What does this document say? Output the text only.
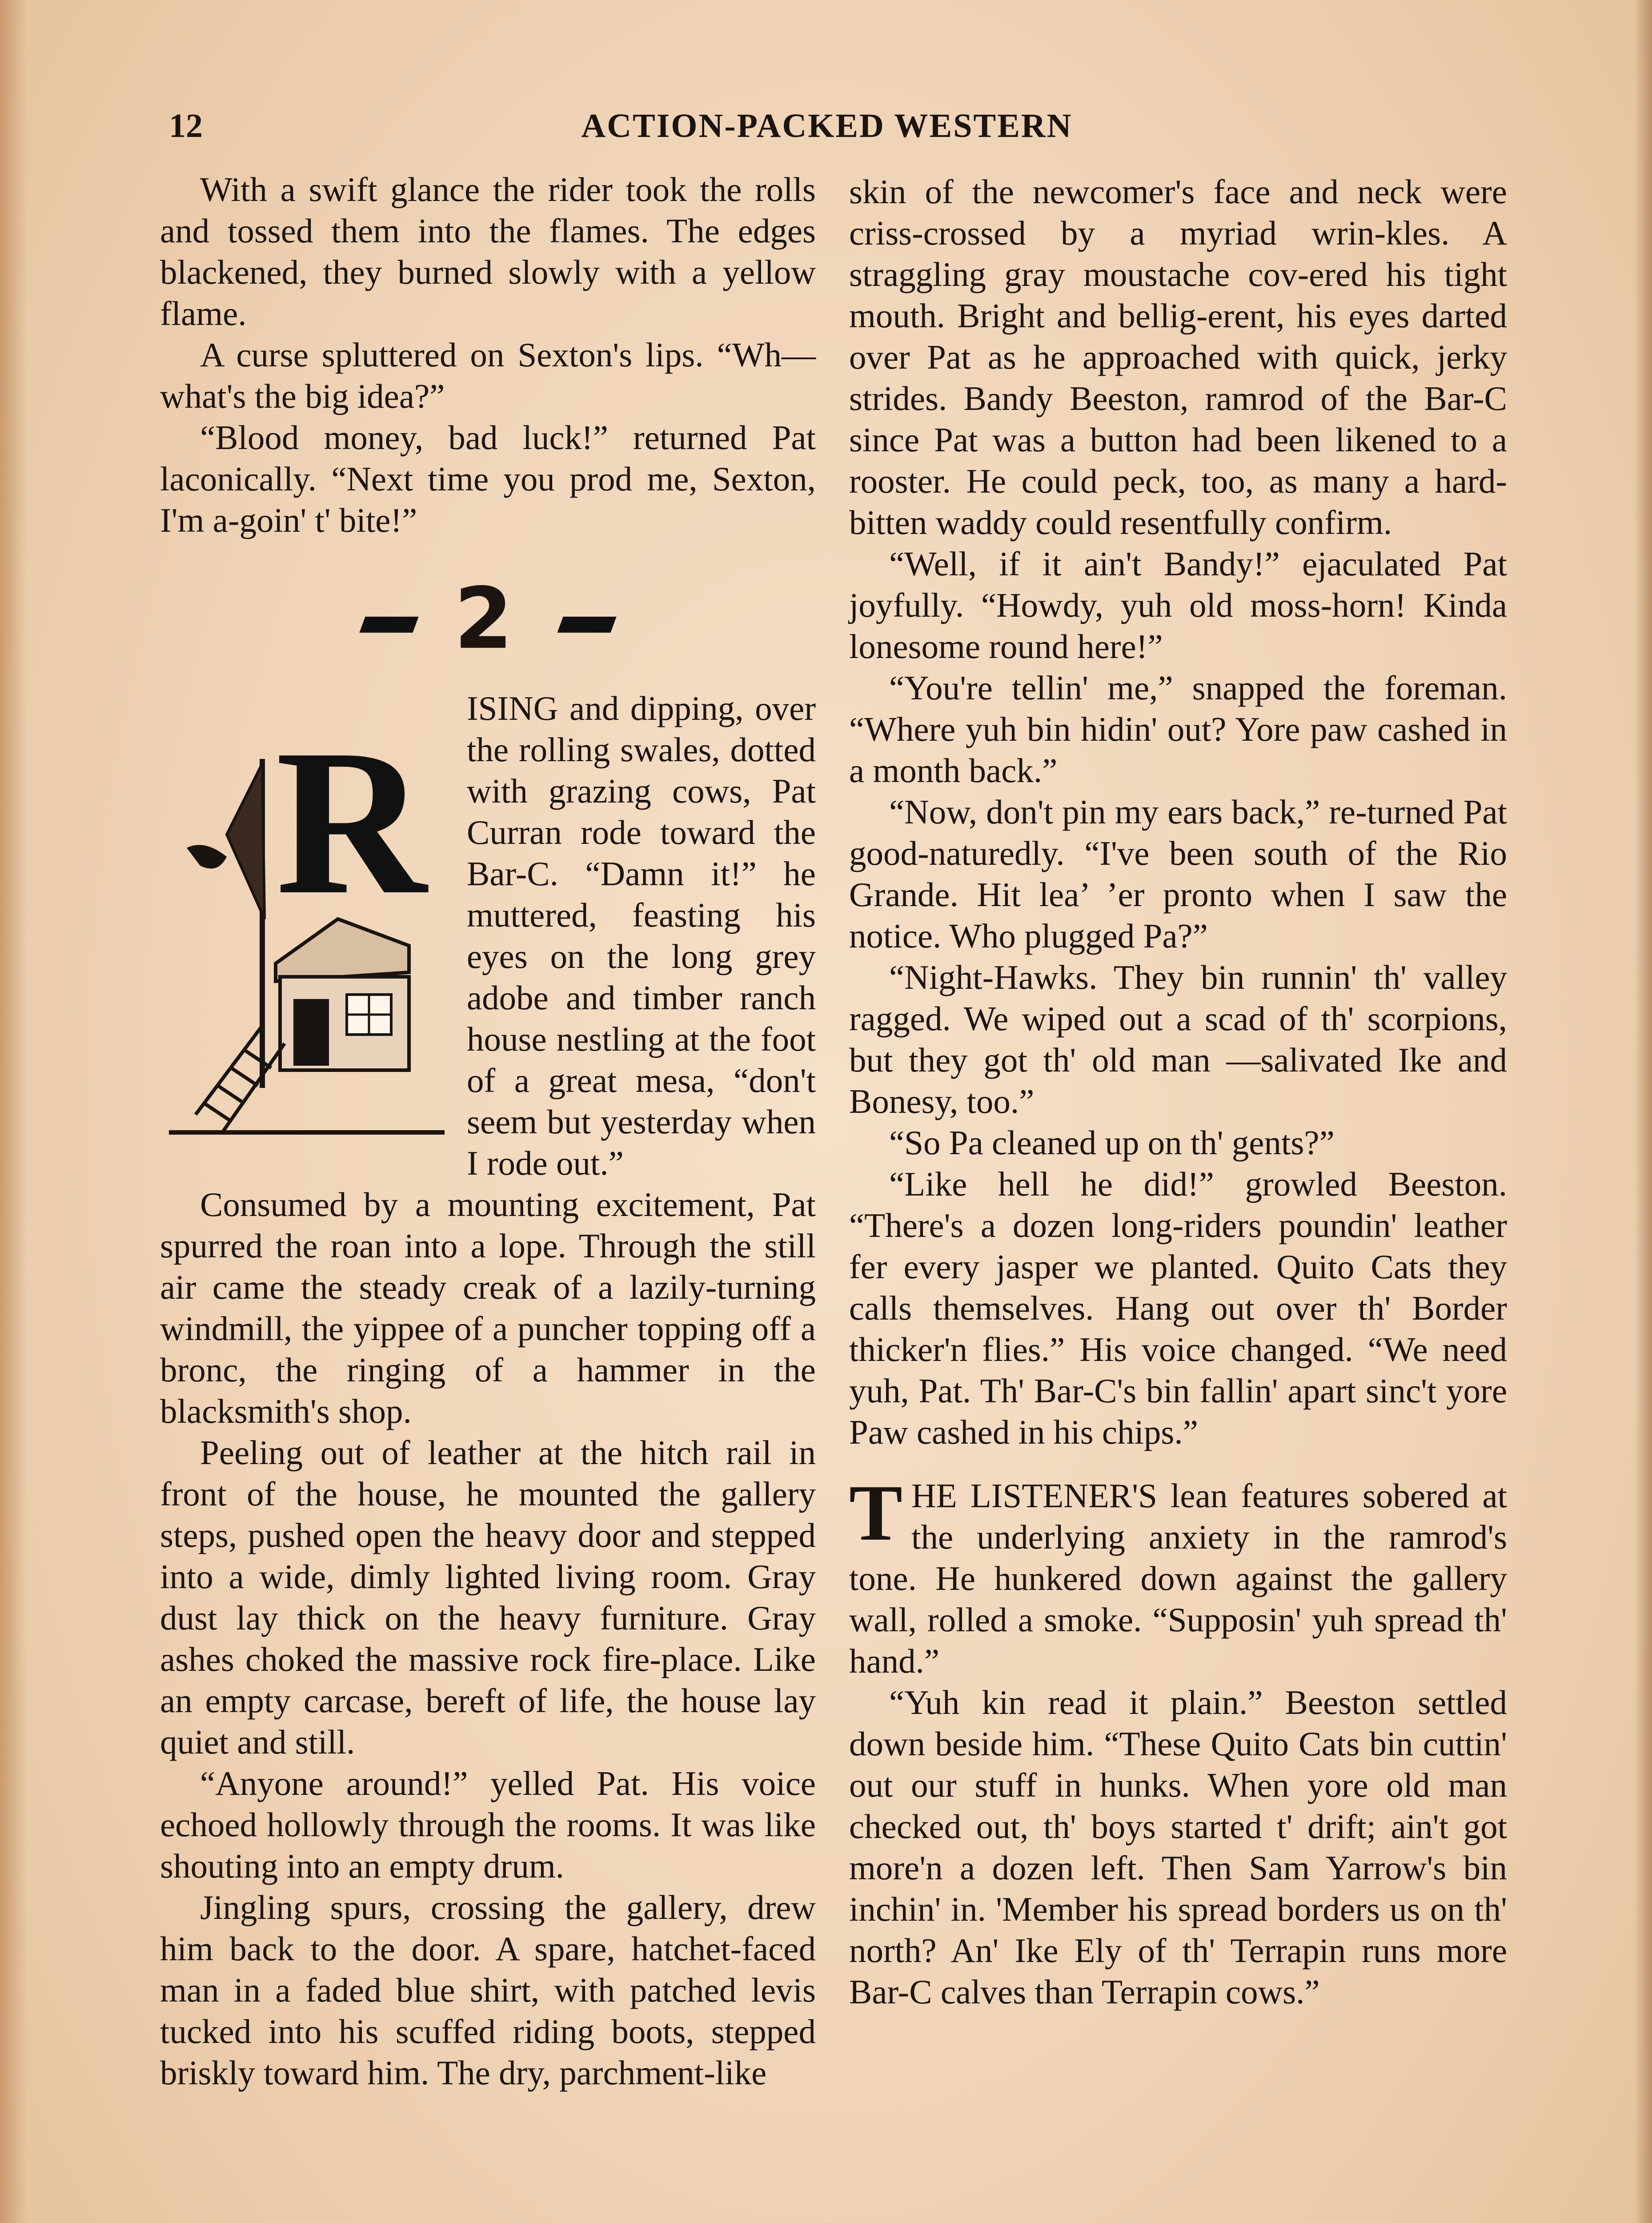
12	ACTION-PACKED WESTERN

With a swift glance the rider took the rolls and tossed them into the flames. The edges blackened, they burned slowly with a yellow flame.

A curse spluttered on Sexton's lips. “Wh—what's the big idea?”

“Blood money, bad luck!” returned Pat laconically. “Next time you prod me, Sexton, I'm a-goin' t' bite!”

2
R	ISING and dipping, over the rolling swales, dotted with grazing cows, Pat Curran rode toward the Bar-C. “Damn it!” he muttered, feasting his eyes on the long grey adobe and timber ranch house nestling at the foot of a great mesa, “don't seem but yesterday when I rode out.”

Consumed by a mounting excitement, Pat spurred the roan into a lope. Through the still air came the steady creak of a lazily-turning windmill, the yippee of a puncher topping off a bronc, the ringing of a hammer in the blacksmith's shop.

Peeling out of leather at the hitch rail in front of the house, he mounted the gallery steps, pushed open the heavy door and stepped into a wide, dimly lighted living room. Gray dust lay thick on the heavy furniture. Gray ashes choked the massive rock fire-place. Like an empty carcase, bereft of life, the house lay quiet and still.

“Anyone around!” yelled Pat. His voice echoed hollowly through the rooms. It was like shouting into an empty drum.

Jingling spurs, crossing the gallery, drew him back to the door. A spare, hatchet-faced man in a faded blue shirt, with patched levis tucked into his scuffed riding boots, stepped briskly toward him. The dry, parchment-like

skin of the newcomer's face and neck were criss-crossed by a myriad wrin-kles. A straggling gray moustache cov-ered his tight mouth. Bright and bellig-erent, his eyes darted over Pat as he approached with quick, jerky strides. Bandy Beeston, ramrod of the Bar-C since Pat was a button had been likened to a rooster. He could peck, too, as many a hard-bitten waddy could resentfully confirm.

“Well, if it ain't Bandy!” ejaculated Pat joyfully. “Howdy, yuh old moss-horn! Kinda lonesome round here!”

“You're tellin' me,” snapped the foreman. “Where yuh bin hidin' out? Yore paw cashed in a month back.”

“Now, don't pin my ears back,” re-turned Pat good-naturedly. “I've been south of the Rio Grande. Hit lea’ ’er pronto when I saw the notice. Who plugged Pa?”

“Night-Hawks. They bin runnin' th' valley ragged. We wiped out a scad of th' scorpions, but they got th' old man —salivated Ike and Bonesy, too.”

“So Pa cleaned up on th' gents?”

“Like hell he did!” growled Beeston. “There's a dozen long-riders poundin' leather fer every jasper we planted. Quito Cats they calls themselves. Hang out over th' Border thicker'n flies.” His voice changed. “We need yuh, Pat. Th' Bar-C's bin fallin' apart sinc't yore Paw cashed in his chips.”

THE LISTENER'S lean features sobered at the underlying anxiety in the ramrod's tone. He hunkered down against the gallery wall, rolled a smoke. “Supposin' yuh spread th' hand.”

“Yuh kin read it plain.” Beeston settled down beside him. “These Quito Cats bin cuttin' out our stuff in hunks. When yore old man checked out, th' boys started t' drift; ain't got more'n a dozen left. Then Sam Yarrow's bin inchin' in. 'Member his spread borders us on th' north? An' Ike Ely of th' Terrapin runs more Bar-C calves than Terrapin cows.”
